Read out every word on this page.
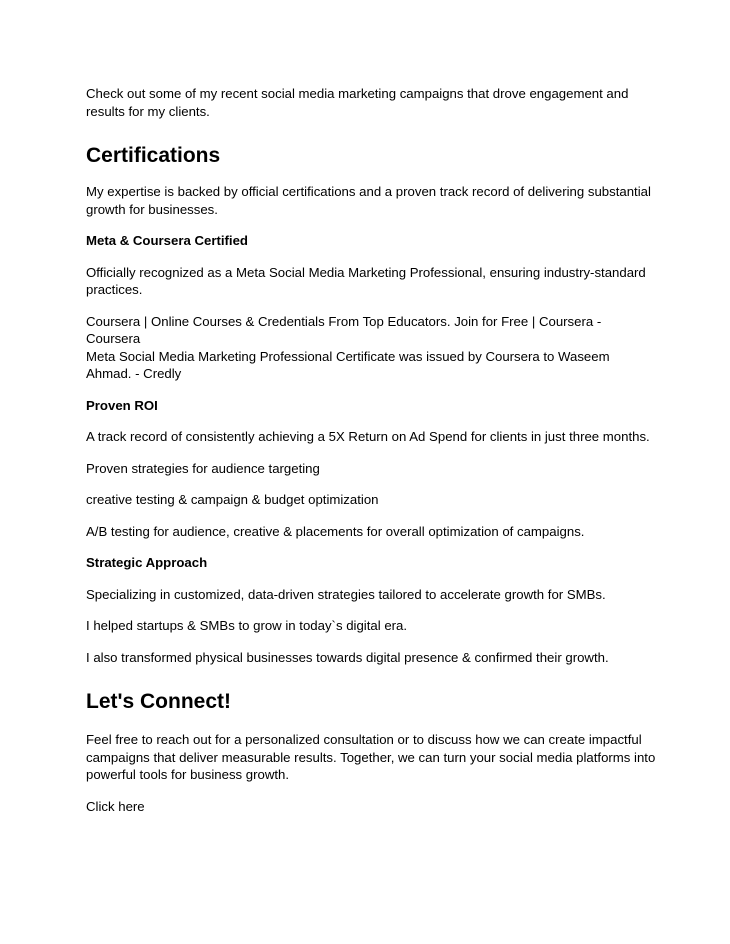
Check out some of my recent social media marketing campaigns that drove engagement and results for my clients.

Certifications

My expertise is backed by official certifications and a proven track record of delivering substantial growth for businesses.

Meta & Coursera Certified

Officially recognized as a Meta Social Media Marketing Professional, ensuring industry-standard practices.

Coursera | Online Courses & Credentials From Top Educators. Join for Free | Coursera - Coursera
Meta Social Media Marketing Professional Certificate was issued by Coursera to Waseem Ahmad. - Credly

Proven ROI

A track record of consistently achieving a 5X Return on Ad Spend for clients in just three months.

Proven strategies for audience targeting

creative testing & campaign & budget optimization

A/B testing for audience, creative & placements for overall optimization of campaigns.

Strategic Approach

Specializing in customized, data-driven strategies tailored to accelerate growth for SMBs.

I helped startups & SMBs to grow in today`s digital era.

I also transformed physical businesses towards digital presence & confirmed their growth.

Let's Connect!

Feel free to reach out for a personalized consultation or to discuss how we can create impactful campaigns that deliver measurable results. Together, we can turn your social media platforms into powerful tools for business growth.

Click here
